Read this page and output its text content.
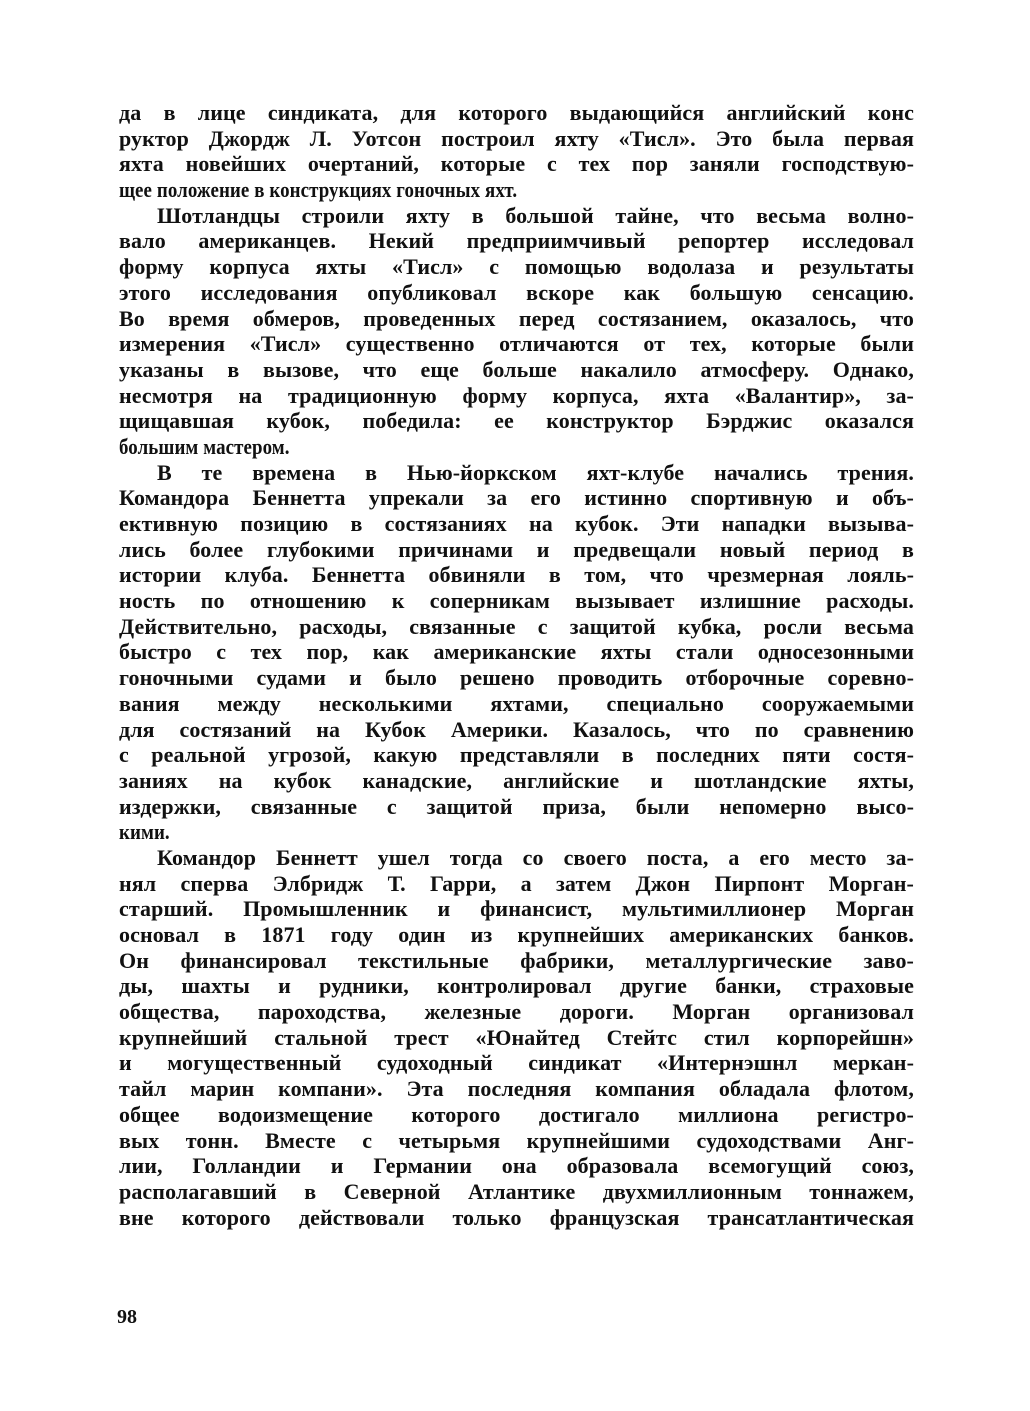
да в лице синдиката, для которого выдающийся английский конс
руктор Джордж Л. Уотсон построил яхту «Тисл». Это была первая
яхта новейших очертаний, которые с тех пор заняли господствую-
щее положение в конструкциях гоночных яхт.
Шотландцы строили яхту в большой тайне, что весьма волно-
вало американцев. Некий предприимчивый репортер исследовал
форму корпуса яхты «Тисл» с помощью водолаза и результаты
этого исследования опубликовал вскоре как большую сенсацию.
Во время обмеров, проведенных перед состязанием, оказалось, что
измерения «Тисл» существенно отличаются от тех, которые были
указаны в вызове, что еще больше накалило атмосферу. Однако,
несмотря на традиционную форму корпуса, яхта «Валантир», за-
щищавшая кубок, победила: ее конструктор Бэрджис оказался
большим мастером.
В те времена в Нью-йоркском яхт-клубе начались трения.
Командора Беннетта упрекали за его истинно спортивную и объ-
ективную позицию в состязаниях на кубок. Эти нападки вызыва-
лись более глубокими причинами и предвещали новый период в
истории клуба. Беннетта обвиняли в том, что чрезмерная лояль-
ность по отношению к соперникам вызывает излишние расходы.
Действительно, расходы, связанные с защитой кубка, росли весьма
быстро с тех пор, как американские яхты стали односезонными
гоночными судами и было решено проводить отборочные соревно-
вания между несколькими яхтами, специально сооружаемыми
для состязаний на Кубок Америки. Казалось, что по сравнению
с реальной угрозой, какую представляли в последних пяти состя-
заниях на кубок канадские, английские и шотландские яхты,
издержки, связанные с защитой приза, были непомерно высо-
кими.
Командор Беннетт ушел тогда со своего поста, а его место за-
нял сперва Элбридж Т. Гарри, а затем Джон Пирпонт Морган-
старший. Промышленник и финансист, мультимиллионер Морган
основал в 1871 году один из крупнейших американских банков.
Он финансировал текстильные фабрики, металлургические заво-
ды, шахты и рудники, контролировал другие банки, страховые
общества, пароходства, железные дороги. Морган организовал
крупнейший стальной трест «Юнайтед Стейтс стил корпорейшн»
и могущественный судоходный синдикат «Интернэшнл меркан-
тайл марин компани». Эта последняя компания обладала флотом,
общее водоизмещение которого достигало миллиона регистро-
вых тонн. Вместе с четырьмя крупнейшими судоходствами Анг-
лии, Голландии и Германии она образовала всемогущий союз,
располагавший в Северной Атлантике двухмиллионным тоннажем,
вне которого действовали только французская трансатлантическая
98
